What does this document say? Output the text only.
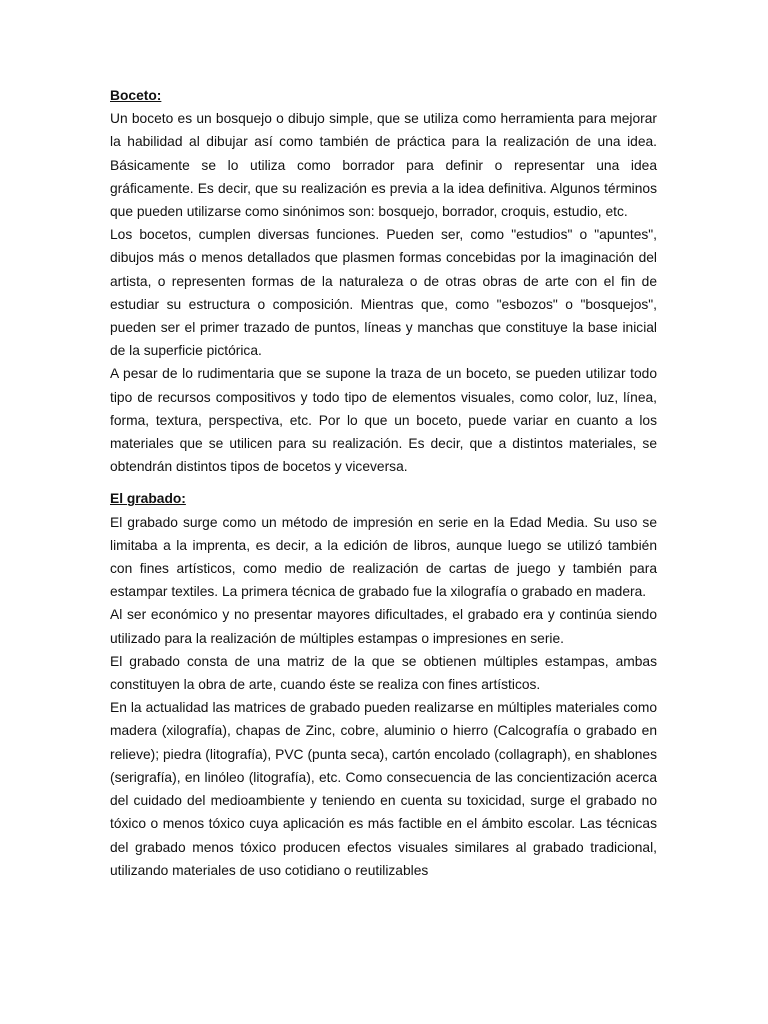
Boceto:

Un boceto es un bosquejo o dibujo simple, que se utiliza como herramienta para mejorar la habilidad al dibujar así como también de práctica para la realización de una idea. Básicamente se lo utiliza como borrador para definir o representar una idea gráficamente. Es decir, que su realización es previa a la idea definitiva. Algunos términos que pueden utilizarse como sinónimos son: bosquejo, borrador, croquis, estudio, etc.

Los bocetos, cumplen diversas funciones. Pueden ser, como "estudios" o "apuntes", dibujos más o menos detallados que plasmen formas concebidas por la imaginación del artista, o representen formas de la naturaleza o de otras obras de arte con el fin de estudiar su estructura o composición. Mientras que, como "esbozos" o "bosquejos", pueden ser el primer trazado de puntos, líneas y manchas que constituye la base inicial de la superficie pictórica.

A pesar de lo rudimentaria que se supone la traza de un boceto, se pueden utilizar todo tipo de recursos compositivos y todo tipo de elementos visuales, como color, luz, línea, forma, textura, perspectiva, etc. Por lo que un boceto, puede variar en cuanto a los materiales que se utilicen para su realización. Es decir, que a distintos materiales, se obtendrán distintos tipos de bocetos y viceversa.

El grabado:

El grabado surge como un método de impresión en serie en la Edad Media. Su uso se limitaba a la imprenta, es decir, a la edición de libros, aunque luego se utilizó también con fines artísticos, como medio de realización de cartas de juego y también para estampar textiles. La primera técnica de grabado fue la xilografía o grabado en madera.

Al ser económico y no presentar mayores dificultades, el grabado era y continúa siendo utilizado para la realización de múltiples estampas o impresiones en serie.

El grabado consta de una matriz de la que se obtienen múltiples estampas, ambas constituyen la obra de arte, cuando éste se realiza con fines artísticos.

En la actualidad las matrices de grabado pueden realizarse en múltiples materiales como madera (xilografía), chapas de Zinc, cobre, aluminio o hierro (Calcografía o grabado en relieve); piedra (litografía), PVC (punta seca), cartón encolado (collagraph), en shablones (serigrafía), en linóleo (litografía), etc. Como consecuencia de las concientización acerca del cuidado del medioambiente y teniendo en cuenta su toxicidad, surge el grabado no tóxico o menos tóxico cuya aplicación es más factible en el ámbito escolar. Las técnicas del grabado menos tóxico producen efectos visuales similares al grabado tradicional, utilizando materiales de uso cotidiano o reutilizables
